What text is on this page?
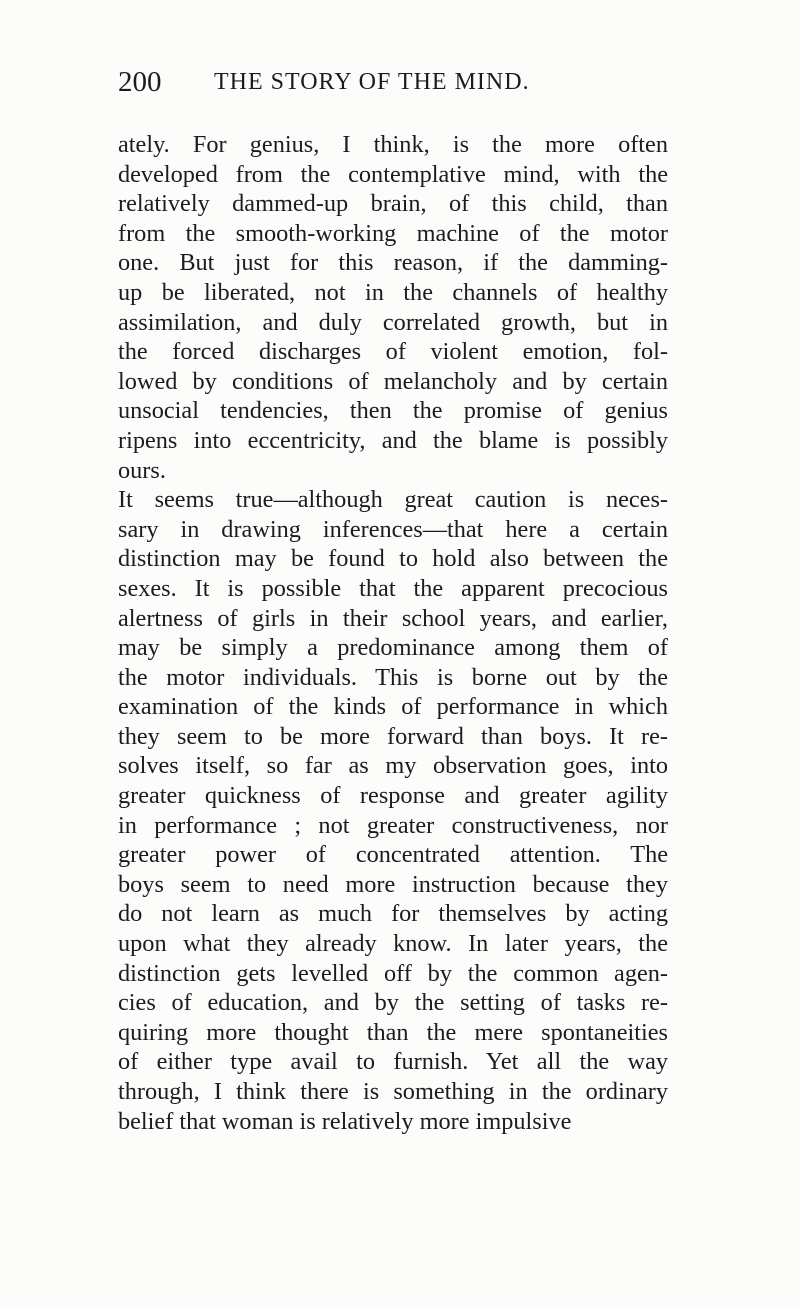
200 THE STORY OF THE MIND.
ately. For genius, I think, is the more often
developed from the contemplative mind, with the
relatively dammed-up brain, of this child, than
from the smooth-working machine of the motor
one. But just for this reason, if the damming-
up be liberated, not in the channels of healthy
assimilation, and duly correlated growth, but in
the forced discharges of violent emotion, fol-
lowed by conditions of melancholy and by certain
unsocial tendencies, then the promise of genius
ripens into eccentricity, and the blame is possibly
ours.
It seems true—although great caution is neces-
sary in drawing inferences—that here a certain
distinction may be found to hold also between the
sexes. It is possible that the apparent precocious
alertness of girls in their school years, and earlier,
may be simply a predominance among them of
the motor individuals. This is borne out by the
examination of the kinds of performance in which
they seem to be more forward than boys. It re-
solves itself, so far as my observation goes, into
greater quickness of response and greater agility
in performance ; not greater constructiveness, nor
greater power of concentrated attention. The
boys seem to need more instruction because they
do not learn as much for themselves by acting
upon what they already know. In later years, the
distinction gets levelled off by the common agen-
cies of education, and by the setting of tasks re-
quiring more thought than the mere spontaneities
of either type avail to furnish. Yet all the way
through, I think there is something in the ordinary
belief that woman is relatively more impulsive
